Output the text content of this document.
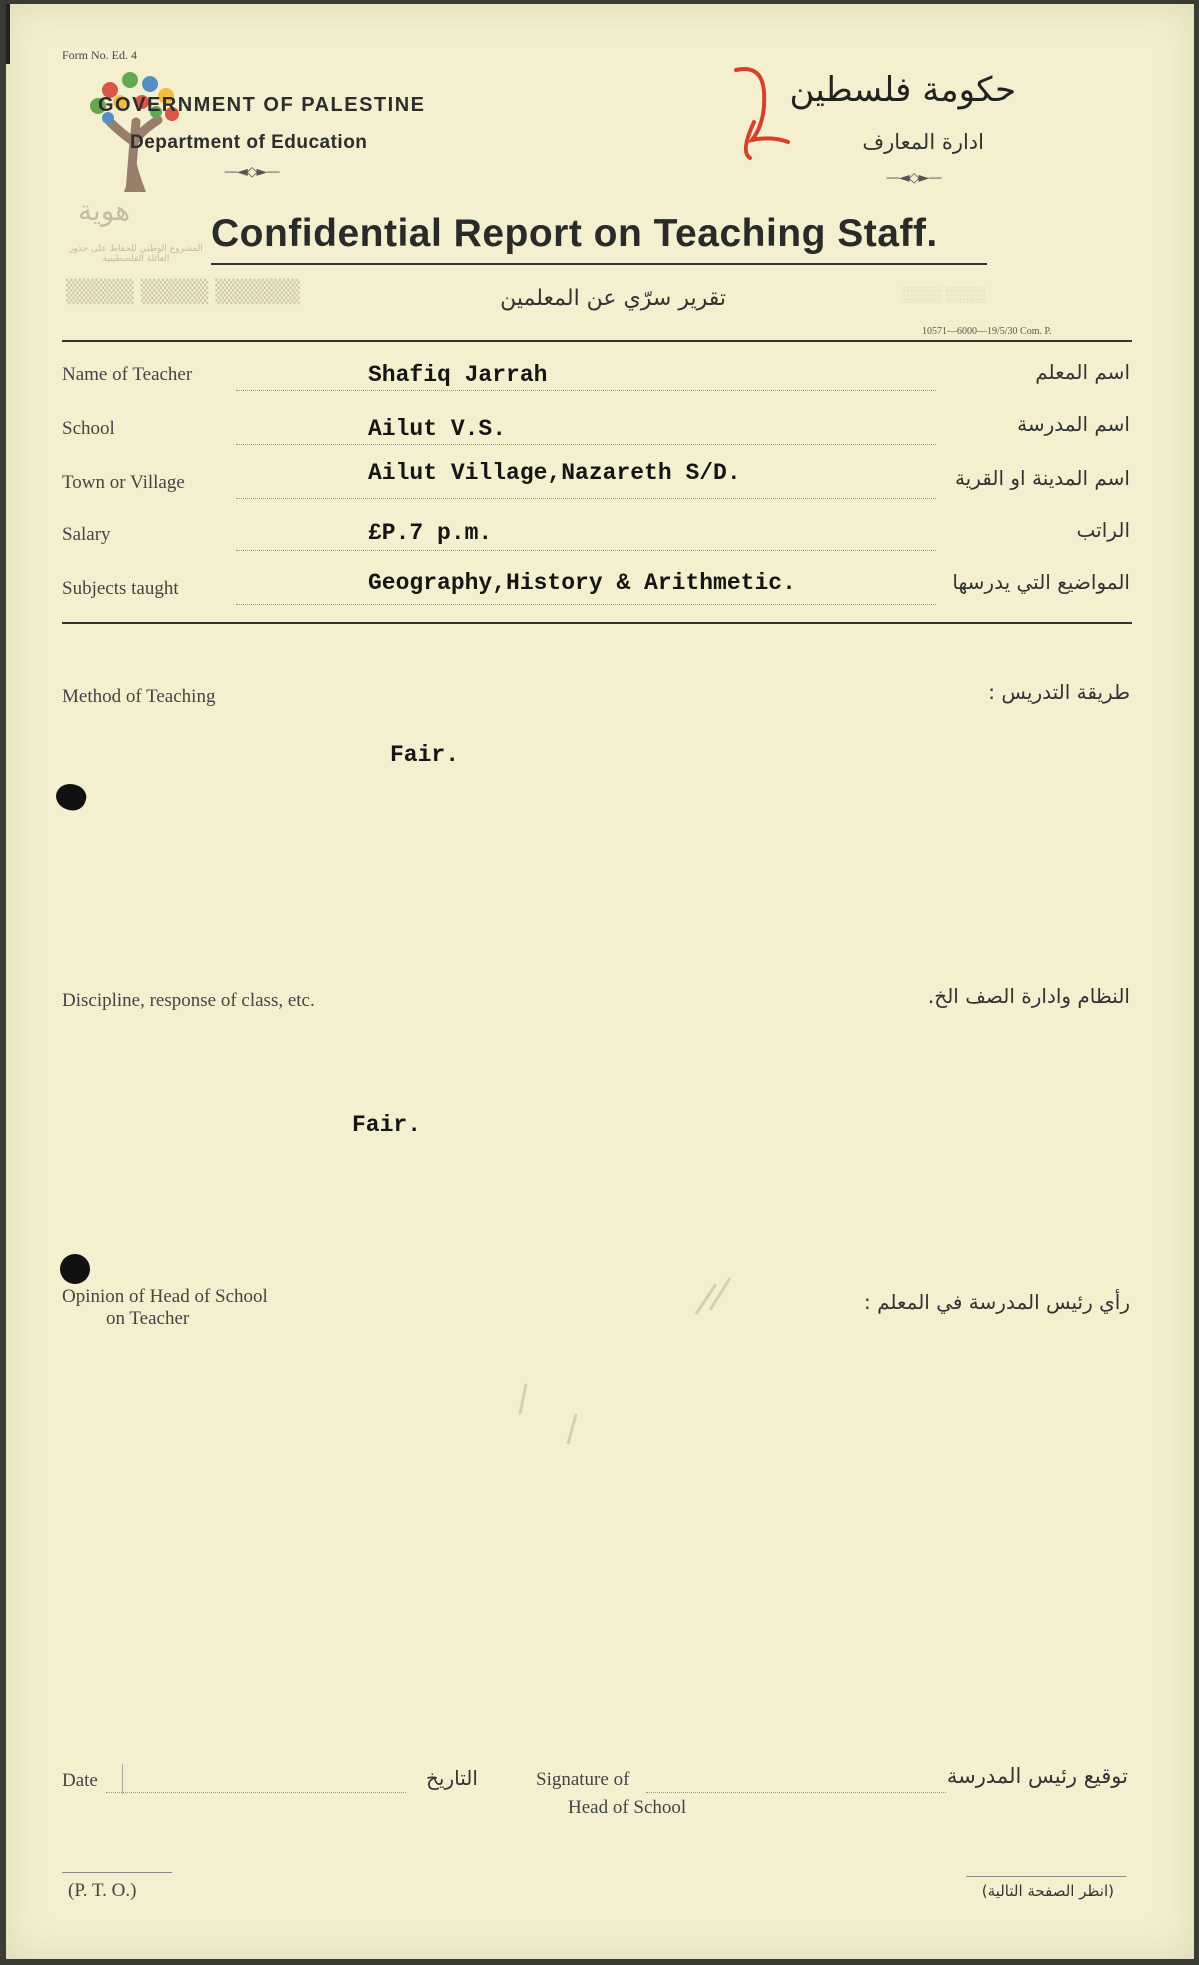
Form No. Ed. 4
هوية
المشروع الوطني للحفاظ على جذور العائلة الفلسطينية
GOVERNMENT OF PALESTINE
Department of Education
—◄◇►—
حكومة فلسطين
ادارة المعارف
—◄◇►—
Confidential Report on Teaching Staff.
تقرير سرّي عن المعلمين
▒▒▒▒▒ ▒▒▒▒ ▒▒▒▒	░░░░ ░░░░
10571—6000—19/5/30 Com. P.
Name of Teacher	Shafiq Jarrah	اسم المعلم
School	Ailut V.S.	اسم المدرسة
Town or Village	Ailut Village,Nazareth S/D.	اسم المدينة او القرية
Salary	£P.7 p.m.	الراتب
Subjects taught	Geography,History & Arithmetic.	المواضيع التي يدرسها
Method of Teaching	طريقة التدريس :
Fair.
Discipline, response of class, etc.	النظام وادارة الصف الخ.
Fair.
Opinion of Head of School
on Teacher
رأي رئيس المدرسة في المعلم :
Date	التاريخ	Signature of
Head of School
توقيع رئيس المدرسة
(P. T. O.)	(انظر الصفحة التالية)
